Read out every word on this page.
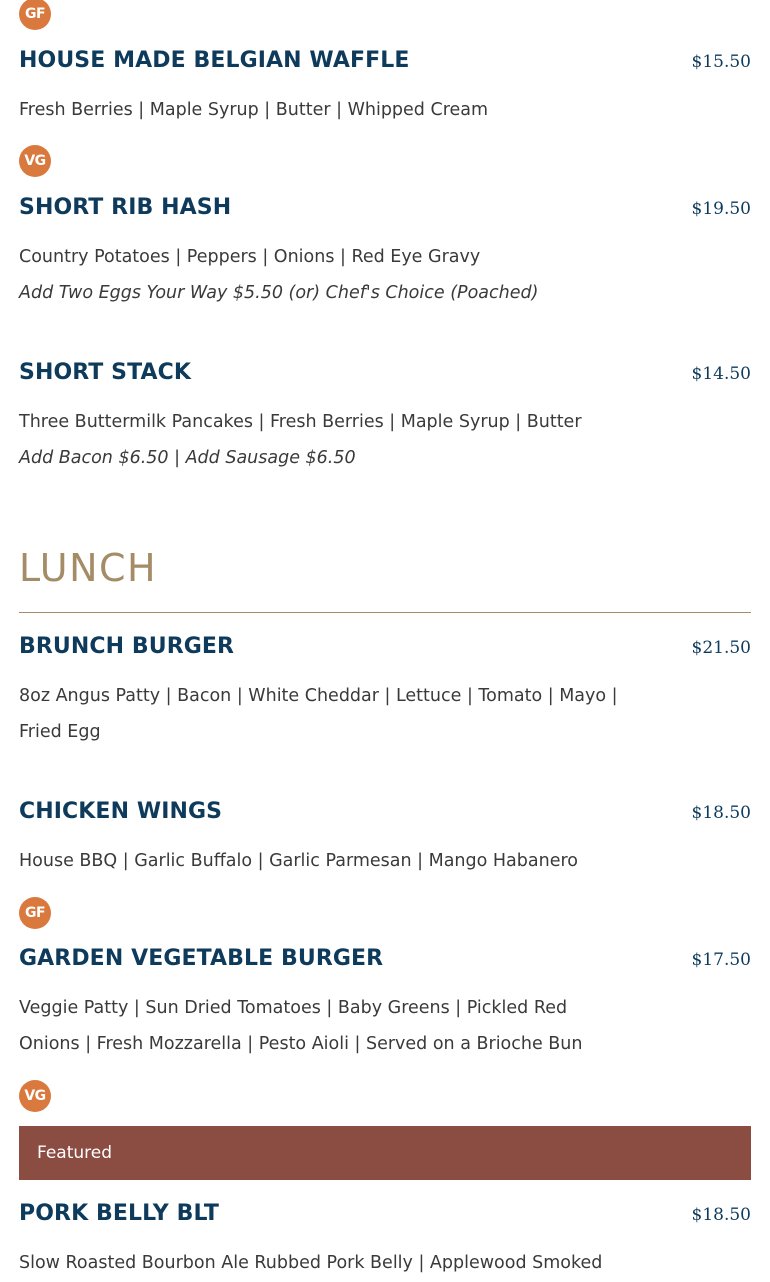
GF
HOUSE MADE BELGIAN WAFFLE	$15.50
Fresh Berries | Maple Syrup | Butter | Whipped Cream
VG
SHORT RIB HASH	$19.50
Country Potatoes | Peppers | Onions | Red Eye Gravy
Add Two Eggs Your Way $5.50 (or) Chef's Choice (Poached)
SHORT STACK	$14.50
Three Buttermilk Pancakes | Fresh Berries | Maple Syrup | Butter
Add Bacon $6.50 | Add Sausage $6.50
LUNCH
BRUNCH BURGER	$21.50
8oz Angus Patty | Bacon | White Cheddar | Lettuce | Tomato | Mayo |
Fried Egg
CHICKEN WINGS	$18.50
House BBQ | Garlic Buffalo | Garlic Parmesan | Mango Habanero
GF
GARDEN VEGETABLE BURGER	$17.50
Veggie Patty | Sun Dried Tomatoes | Baby Greens | Pickled Red
Onions | Fresh Mozzarella | Pesto Aioli | Served on a Brioche Bun
VG
Featured
PORK BELLY BLT	$18.50
Slow Roasted Bourbon Ale Rubbed Pork Belly | Applewood Smoked
